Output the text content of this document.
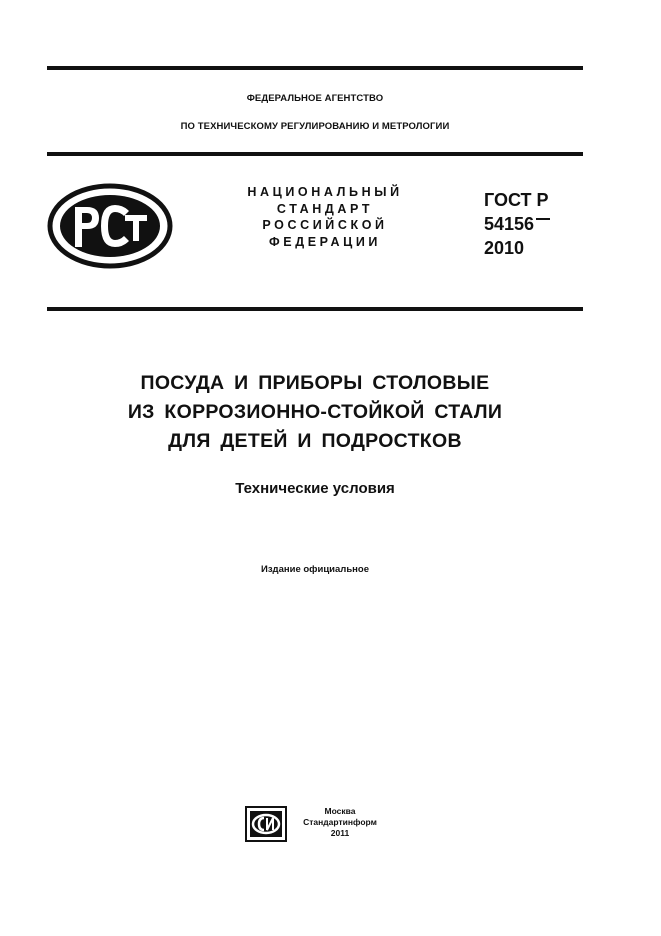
ФЕДЕРАЛЬНОЕ АГЕНТСТВО
ПО ТЕХНИЧЕСКОМУ РЕГУЛИРОВАНИЮ И МЕТРОЛОГИИ
НАЦИОНАЛЬНЫЙ
СТАНДАРТ
РОССИЙСКОЙ
ФЕДЕРАЦИИ
ГОСТ Р
54156
2010
ПОСУДА И ПРИБОРЫ СТОЛОВЫЕ
ИЗ КОРРОЗИОННО-СТОЙКОЙ СТАЛИ
ДЛЯ ДЕТЕЙ И ПОДРОСТКОВ
Технические условия
Издание официальное
Москва
Стандартинформ
2011
